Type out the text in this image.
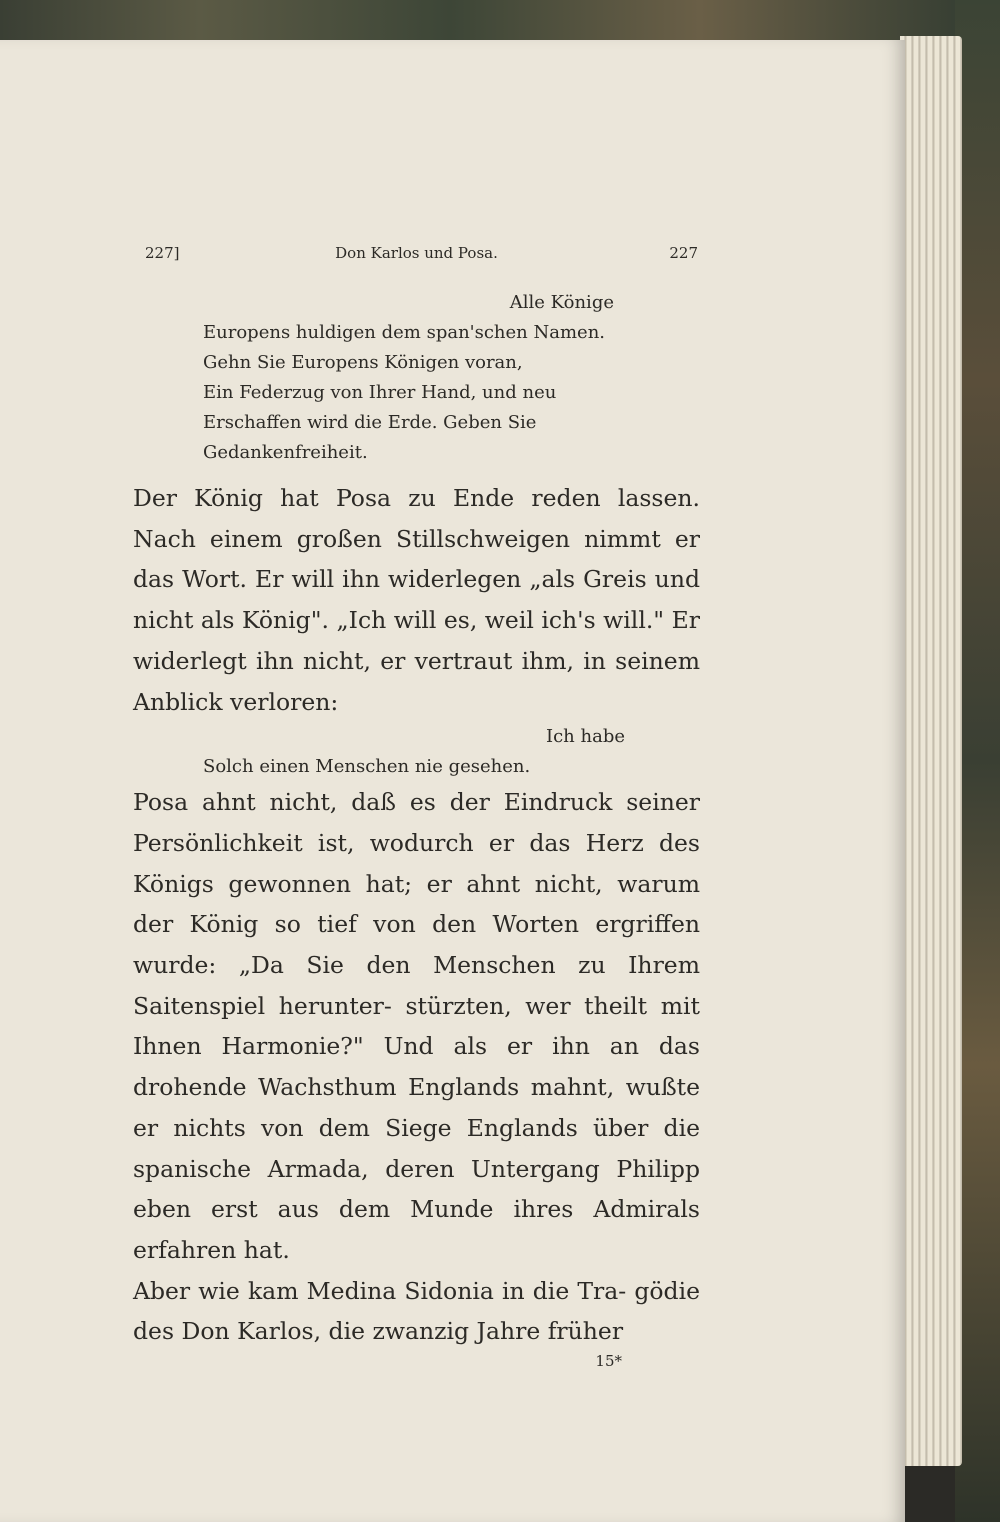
227]	Don Karlos und Posa.	227
Alle Könige
Europens huldigen dem span'schen Namen.
Gehn Sie Europens Königen voran,
Ein Federzug von Ihrer Hand, und neu
Erschaffen wird die Erde. Geben Sie
Gedankenfreiheit.

Der König hat Posa zu Ende reden lassen. Nach einem großen Stillschweigen nimmt er das Wort. Er will ihn widerlegen „als Greis und nicht als König". „Ich will es, weil ich's will." Er widerlegt ihn nicht, er vertraut ihm, in seinem Anblick verloren:

Ich habe
Solch einen Menschen nie gesehen.

Posa ahnt nicht, daß es der Eindruck seiner Persönlichkeit ist, wodurch er das Herz des Königs gewonnen hat; er ahnt nicht, warum der König so tief von den Worten ergriffen wurde: „Da Sie den Menschen zu Ihrem Saitenspiel herunter- stürzten, wer theilt mit Ihnen Harmonie?" Und als er ihn an das drohende Wachsthum Englands mahnt, wußte er nichts von dem Siege Englands über die spanische Armada, deren Untergang Philipp eben erst aus dem Munde ihres Admirals erfahren hat.

Aber wie kam Medina Sidonia in die Tra- gödie des Don Karlos, die zwanzig Jahre früher

15*
